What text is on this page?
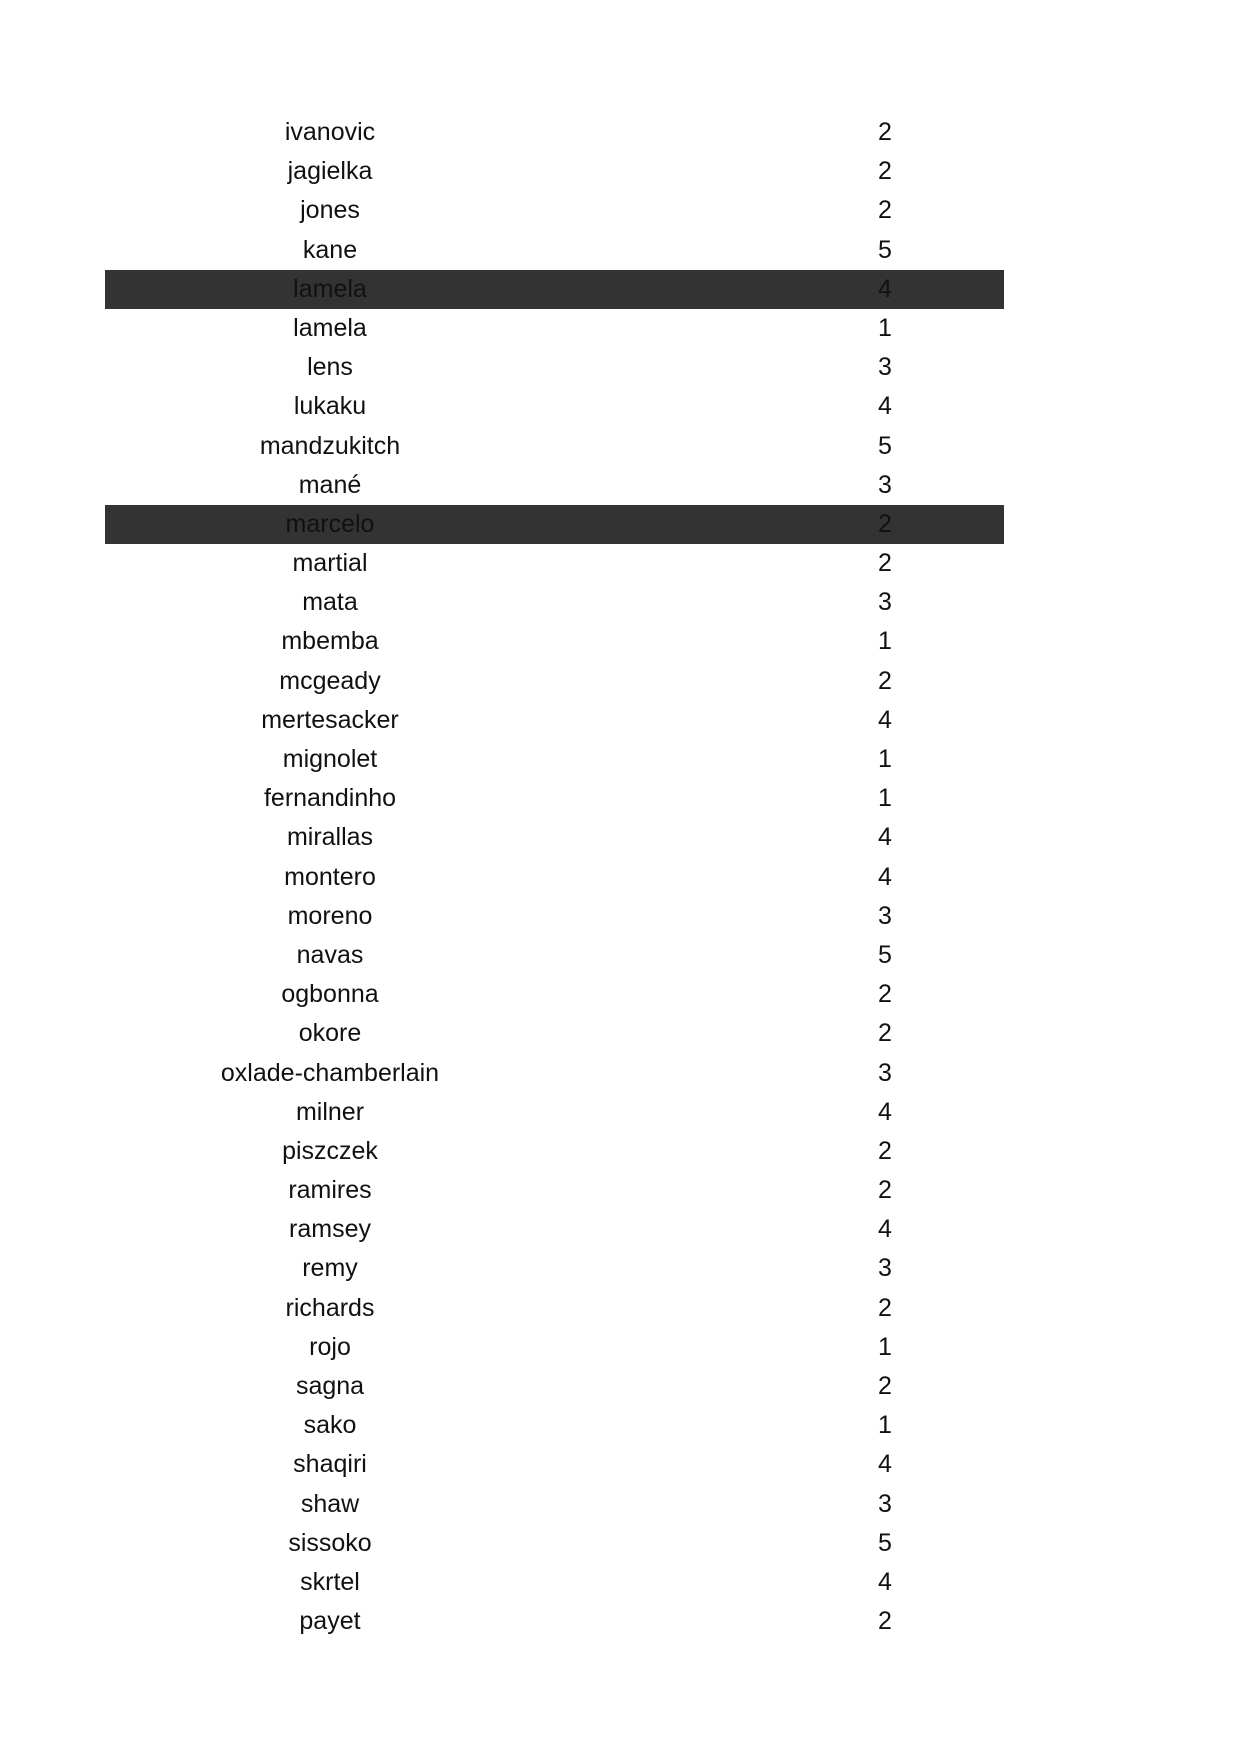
ivanovic	2
jagielka	2
jones	2
kane	5
lamela	4
lamela	1
lens	3
lukaku	4
mandzukitch	5
mané	3
marcelo	2
martial	2
mata	3
mbemba	1
mcgeady	2
mertesacker	4
mignolet	1
fernandinho	1
mirallas	4
montero	4
moreno	3
navas	5
ogbonna	2
okore	2
oxlade-chamberlain	3
milner	4
piszczek	2
ramires	2
ramsey	4
remy	3
richards	2
rojo	1
sagna	2
sako	1
shaqiri	4
shaw	3
sissoko	5
skrtel	4
payet	2
